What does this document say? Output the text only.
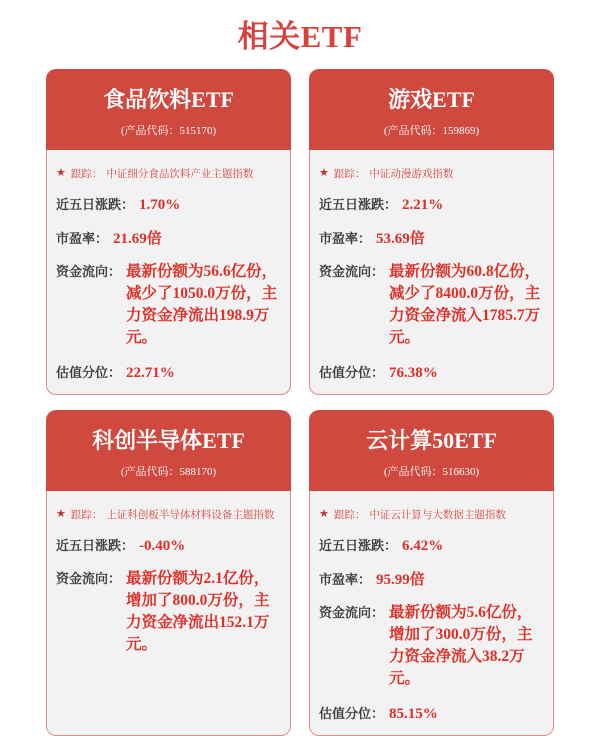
相关ETF
食品饮料ETF
(产品代码：515170)
★ 跟踪： 中证细分食品饮料产业主题指数
近五日涨跌： 1.70%
市盈率： 21.69倍
资金流向： 最新份额为56.6亿份，减少了1050.0万份，主力资金净流出198.9万元。
估值分位： 22.71%
游戏ETF
(产品代码：159869)
★ 跟踪： 中证动漫游戏指数
近五日涨跌： 2.21%
市盈率： 53.69倍
资金流向： 最新份额为60.8亿份，减少了8400.0万份，主力资金净流入1785.7万元。
估值分位： 76.38%
科创半导体ETF
(产品代码：588170)
★ 跟踪： 上证科创板半导体材料设备主题指数
近五日涨跌： -0.40%
资金流向： 最新份额为2.1亿份，增加了800.0万份，主力资金净流出152.1万元。
云计算50ETF
(产品代码：516630)
★ 跟踪： 中证云计算与大数据主题指数
近五日涨跌： 6.42%
市盈率： 95.99倍
资金流向： 最新份额为5.6亿份，增加了300.0万份，主力资金净流入38.2万元。
估值分位： 85.15%
